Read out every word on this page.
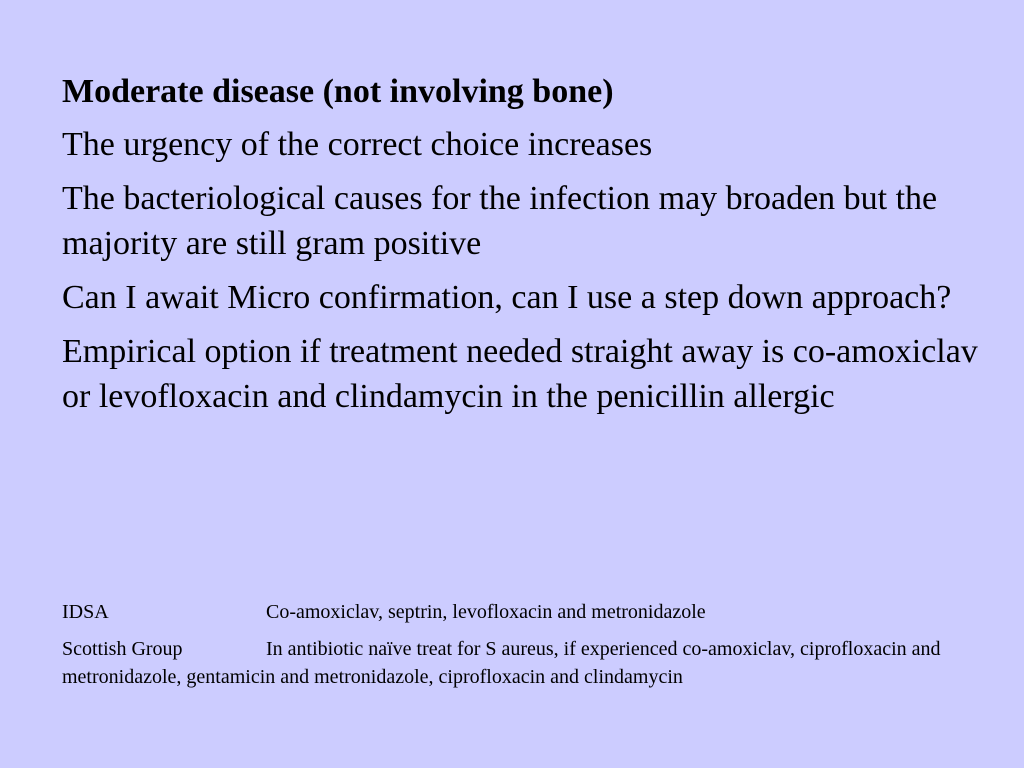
Moderate disease (not involving bone)
The urgency of the correct choice increases
The bacteriological causes for the infection may broaden but the majority are still gram positive
Can I await Micro confirmation, can I use a step down approach?
Empirical option if treatment needed straight away is co-amoxiclav or levofloxacin and clindamycin in the penicillin allergic
IDSA	Co-amoxiclav, septrin, levofloxacin and metronidazole
Scottish Group	In antibiotic naïve treat for S aureus, if experienced co-amoxiclav, ciprofloxacin and metronidazole, gentamicin and metronidazole, ciprofloxacin and clindamycin
